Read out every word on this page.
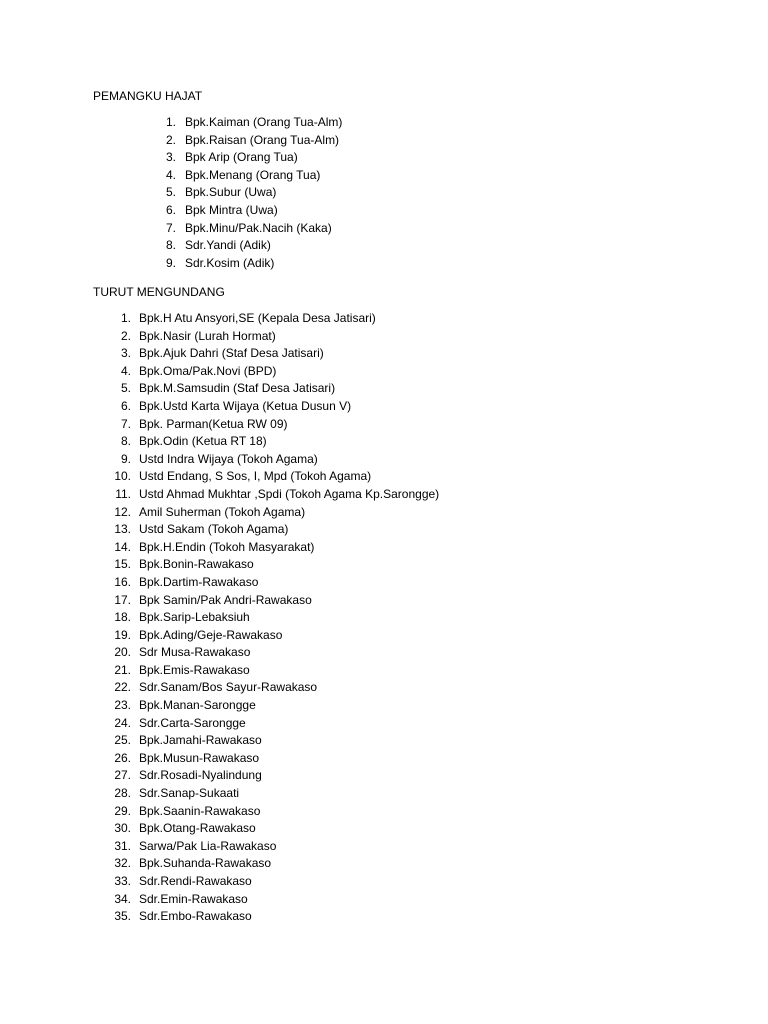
PEMANGKU HAJAT
1. Bpk.Kaiman (Orang Tua-Alm)
2. Bpk.Raisan (Orang Tua-Alm)
3. Bpk Arip (Orang Tua)
4. Bpk.Menang (Orang Tua)
5. Bpk.Subur (Uwa)
6. Bpk Mintra (Uwa)
7. Bpk.Minu/Pak.Nacih (Kaka)
8. Sdr.Yandi (Adik)
9. Sdr.Kosim (Adik)
TURUT MENGUNDANG
1. Bpk.H Atu Ansyori,SE (Kepala Desa Jatisari)
2. Bpk.Nasir (Lurah Hormat)
3. Bpk.Ajuk Dahri (Staf Desa Jatisari)
4. Bpk.Oma/Pak.Novi (BPD)
5. Bpk.M.Samsudin (Staf Desa Jatisari)
6. Bpk.Ustd Karta Wijaya (Ketua Dusun V)
7. Bpk. Parman(Ketua RW 09)
8. Bpk.Odin (Ketua RT 18)
9. Ustd Indra Wijaya (Tokoh Agama)
10. Ustd Endang, S Sos, I, Mpd (Tokoh Agama)
11. Ustd Ahmad Mukhtar ,Spdi (Tokoh Agama Kp.Sarongge)
12. Amil Suherman (Tokoh Agama)
13. Ustd Sakam (Tokoh Agama)
14. Bpk.H.Endin (Tokoh Masyarakat)
15. Bpk.Bonin-Rawakaso
16. Bpk.Dartim-Rawakaso
17. Bpk Samin/Pak Andri-Rawakaso
18. Bpk.Sarip-Lebaksiuh
19. Bpk.Ading/Geje-Rawakaso
20. Sdr Musa-Rawakaso
21. Bpk.Emis-Rawakaso
22. Sdr.Sanam/Bos Sayur-Rawakaso
23. Bpk.Manan-Sarongge
24. Sdr.Carta-Sarongge
25. Bpk.Jamahi-Rawakaso
26. Bpk.Musun-Rawakaso
27. Sdr.Rosadi-Nyalindung
28. Sdr.Sanap-Sukaati
29. Bpk.Saanin-Rawakaso
30. Bpk.Otang-Rawakaso
31. Sarwa/Pak Lia-Rawakaso
32. Bpk.Suhanda-Rawakaso
33. Sdr.Rendi-Rawakaso
34. Sdr.Emin-Rawakaso
35. Sdr.Embo-Rawakaso
